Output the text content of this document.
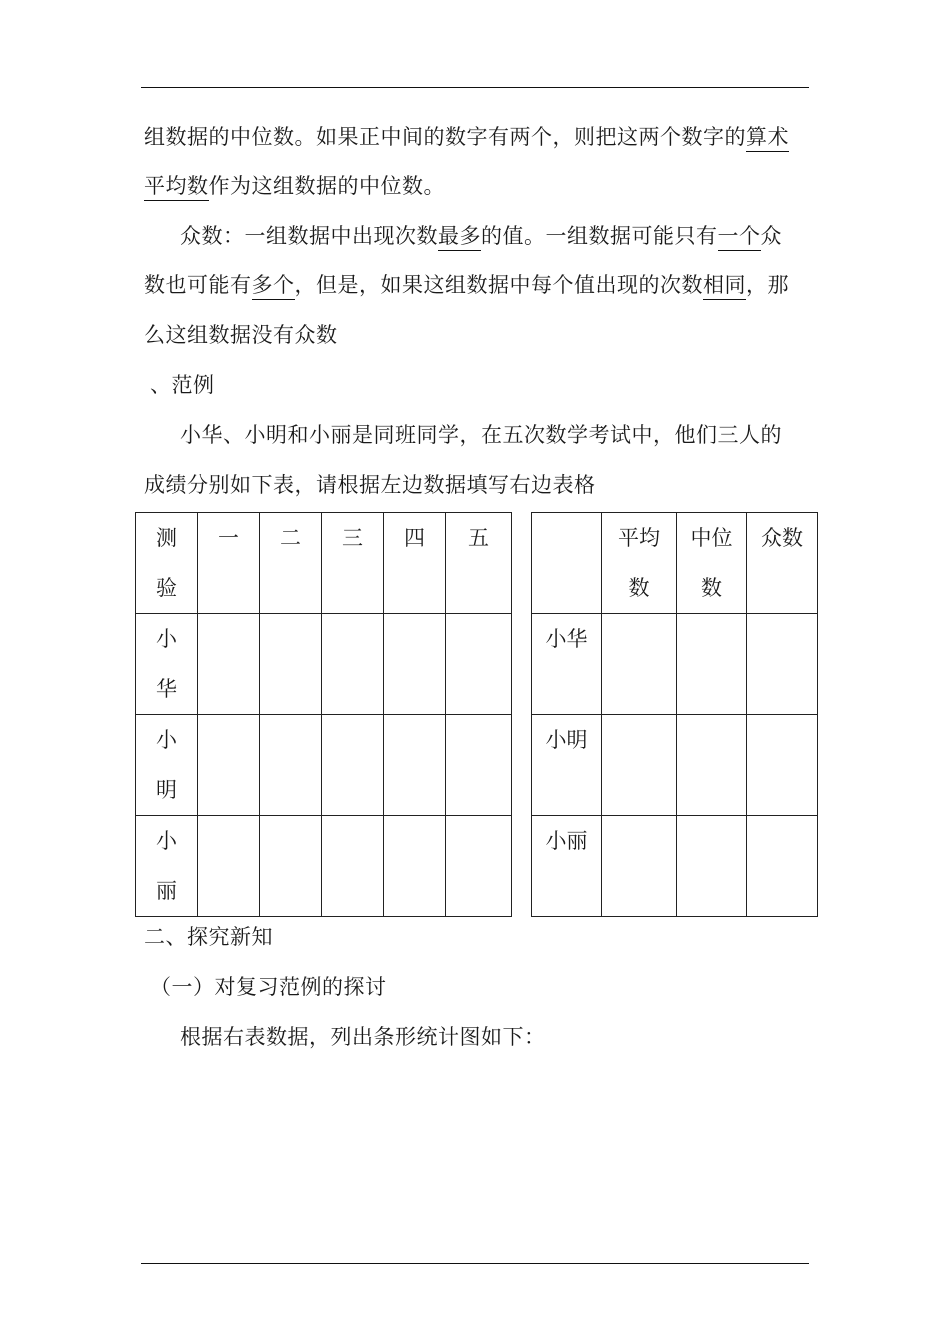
组数据的中位数。如果正中间的数字有两个，则把这两个数字的算术
平均数作为这组数据的中位数。
众数：一组数据中出现次数最多的值。一组数据可能只有一个众
数也可能有多个，但是，如果这组数据中每个值出现的次数相同，那
么这组数据没有众数
、范例
小华、小明和小丽是同班同学，在五次数学考试中，他们三人的
成绩分别如下表，请根据左边数据填写右边表格
测验	一	二	三	四	五

小华					

小明					

小丽					

	平均数	中位数	众数

小华			
小明			
小丽			
二、探究新知
（一）对复习范例的探讨
根据右表数据，列出条形统计图如下：
